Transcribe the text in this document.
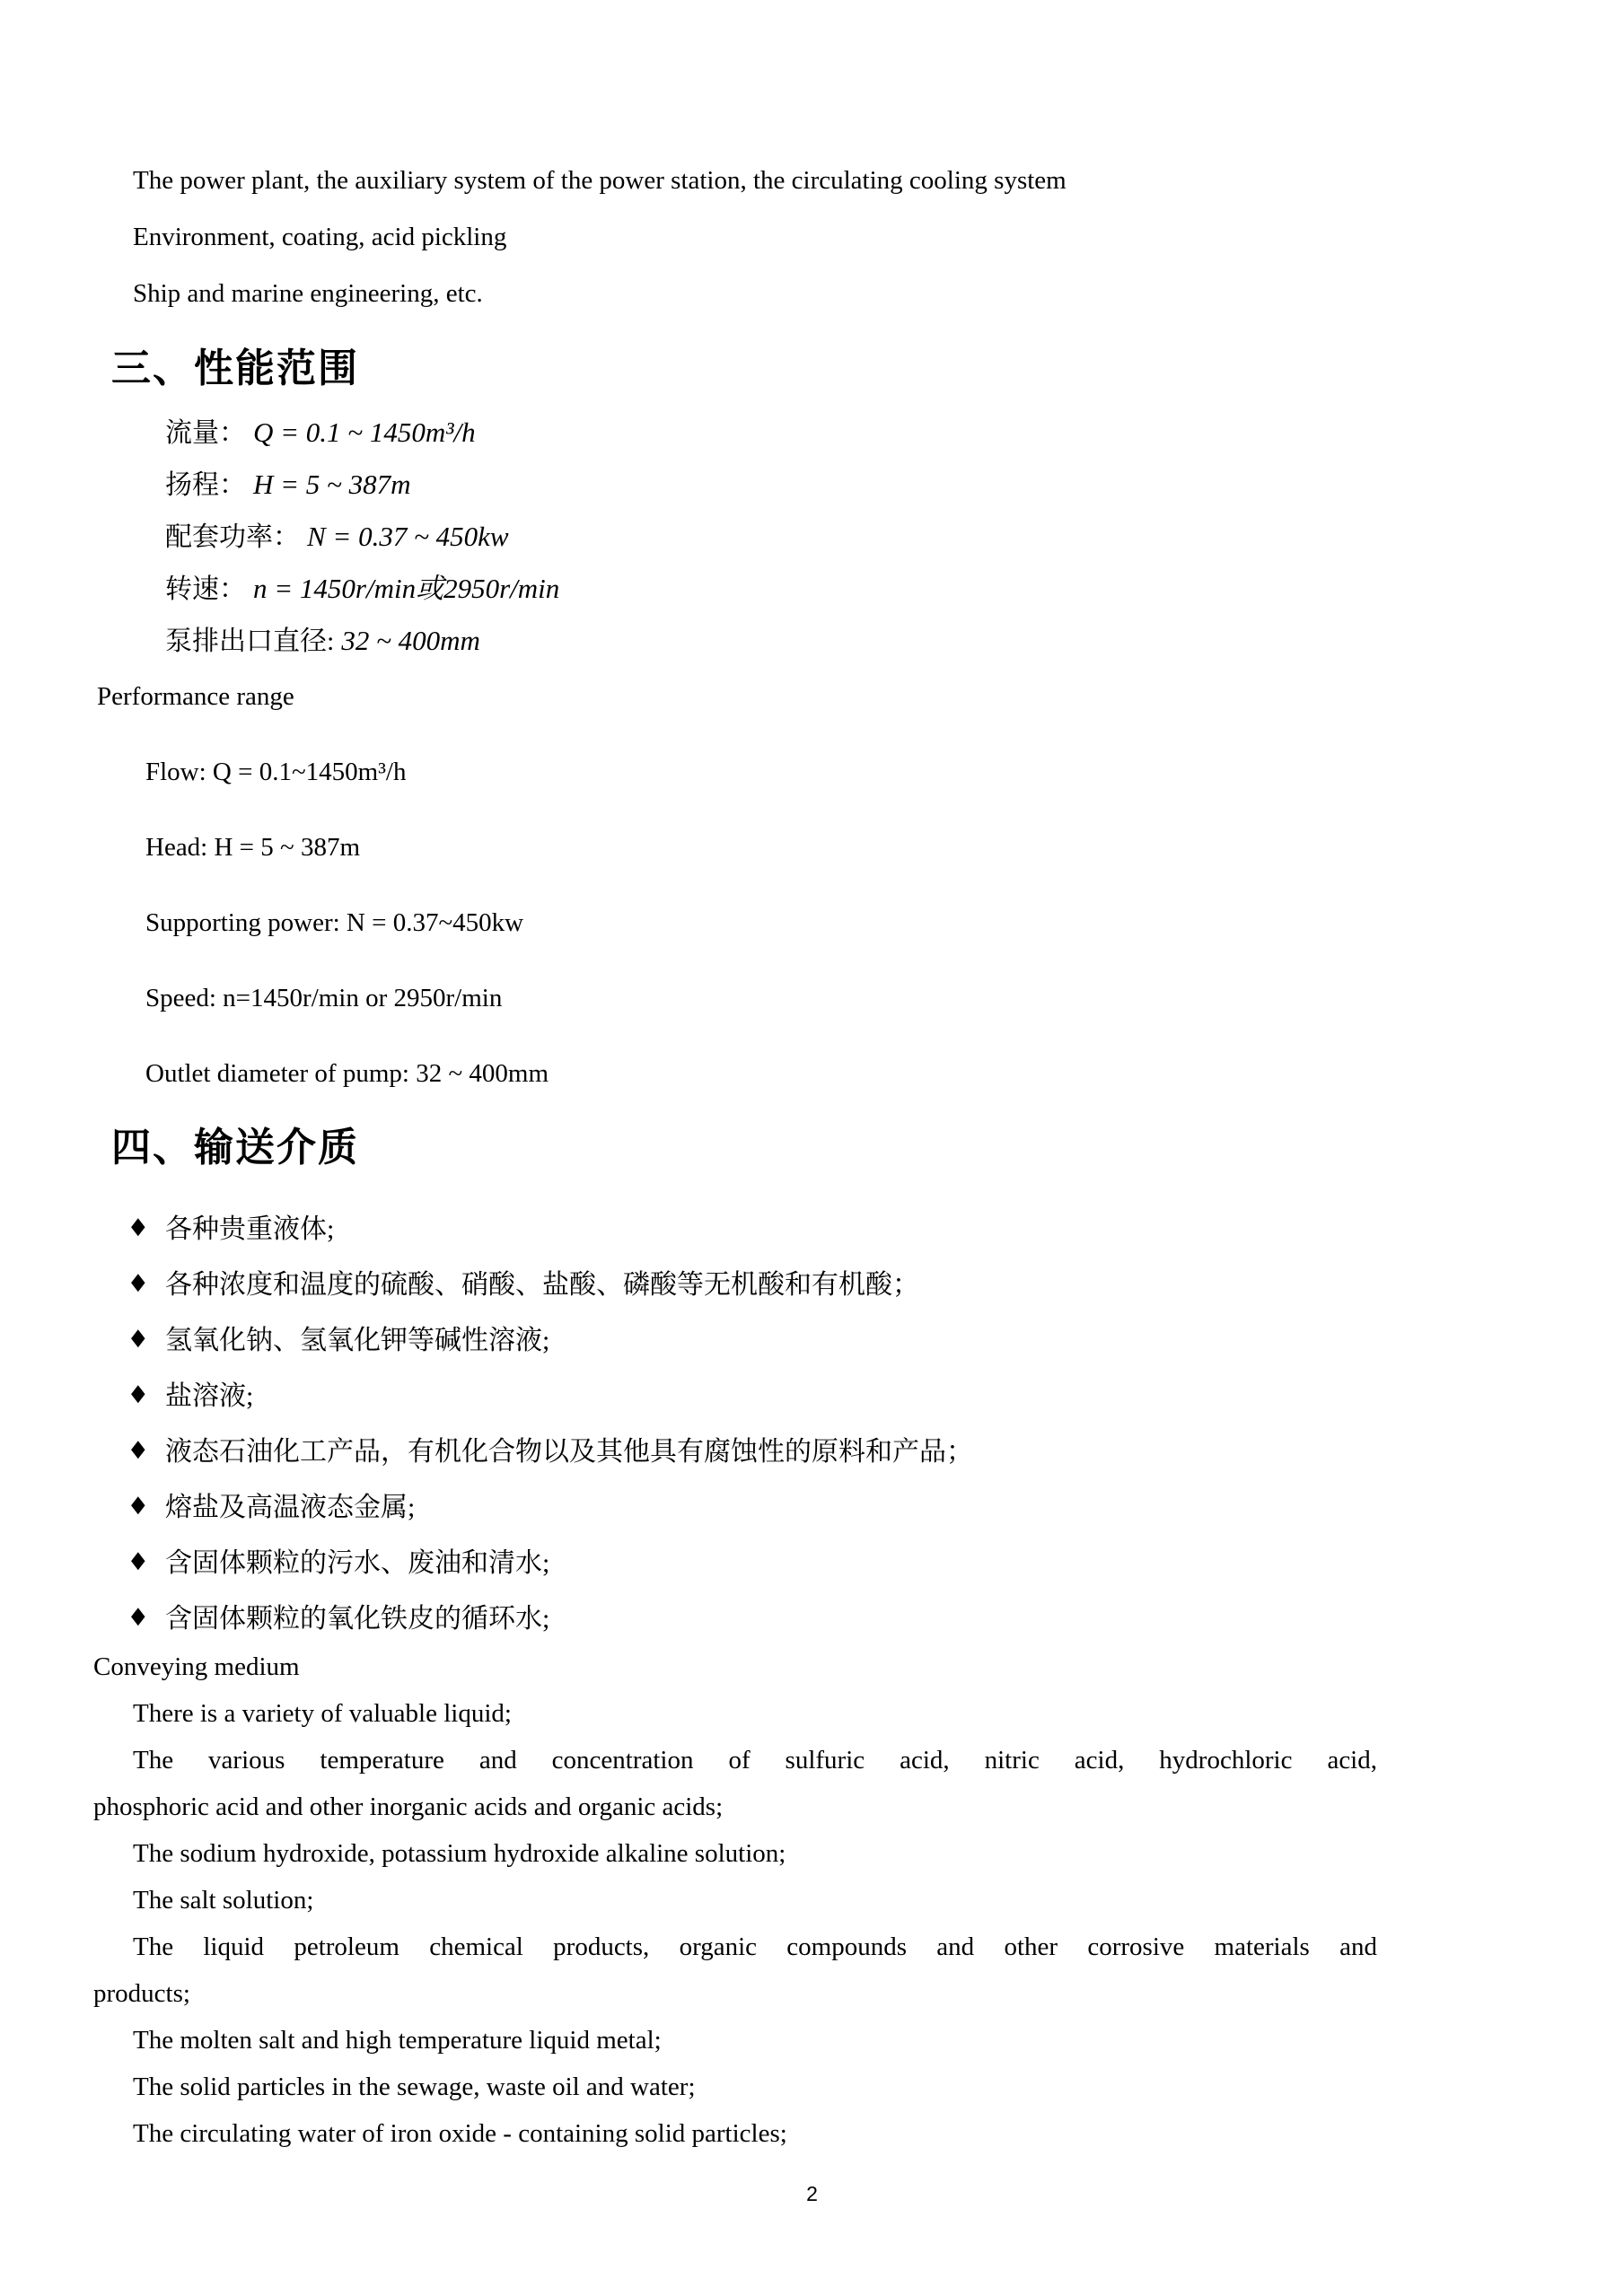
The power plant, the auxiliary system of the power station, the circulating cooling system

Environment, coating, acid pickling

Ship and marine engineering, etc.

三、性能范围
流量： Q = 0.1 ~ 1450m³/h
扬程： H = 5 ~ 387m
配套功率： N = 0.37 ~ 450kw
转速： n = 1450r/min或2950r/min
泵排出口直径: 32 ~ 400mm

Performance range

Flow: Q = 0.1~1450m³/h

Head: H = 5 ~ 387m

Supporting power: N = 0.37~450kw

Speed: n=1450r/min or 2950r/min

Outlet diameter of pump: 32 ~ 400mm

四、输送介质
◆ 各种贵重液体;
◆ 各种浓度和温度的硫酸、硝酸、盐酸、磷酸等无机酸和有机酸；
◆ 氢氧化钠、氢氧化钾等碱性溶液;
◆ 盐溶液;
◆ 液态石油化工产品，有机化合物以及其他具有腐蚀性的原料和产品；
◆ 熔盐及高温液态金属;
◆ 含固体颗粒的污水、废油和清水;
◆ 含固体颗粒的氧化铁皮的循环水;

Conveying medium

There is a variety of valuable liquid;

The various temperature and concentration of sulfuric acid, nitric acid, hydrochloric acid,

phosphoric acid and other inorganic acids and organic acids;

The sodium hydroxide, potassium hydroxide alkaline solution;

The salt solution;

The liquid petroleum chemical products, organic compounds and other corrosive materials and

products;

The molten salt and high temperature liquid metal;

The solid particles in the sewage, waste oil and water;

The circulating water of iron oxide - containing solid particles;

2
